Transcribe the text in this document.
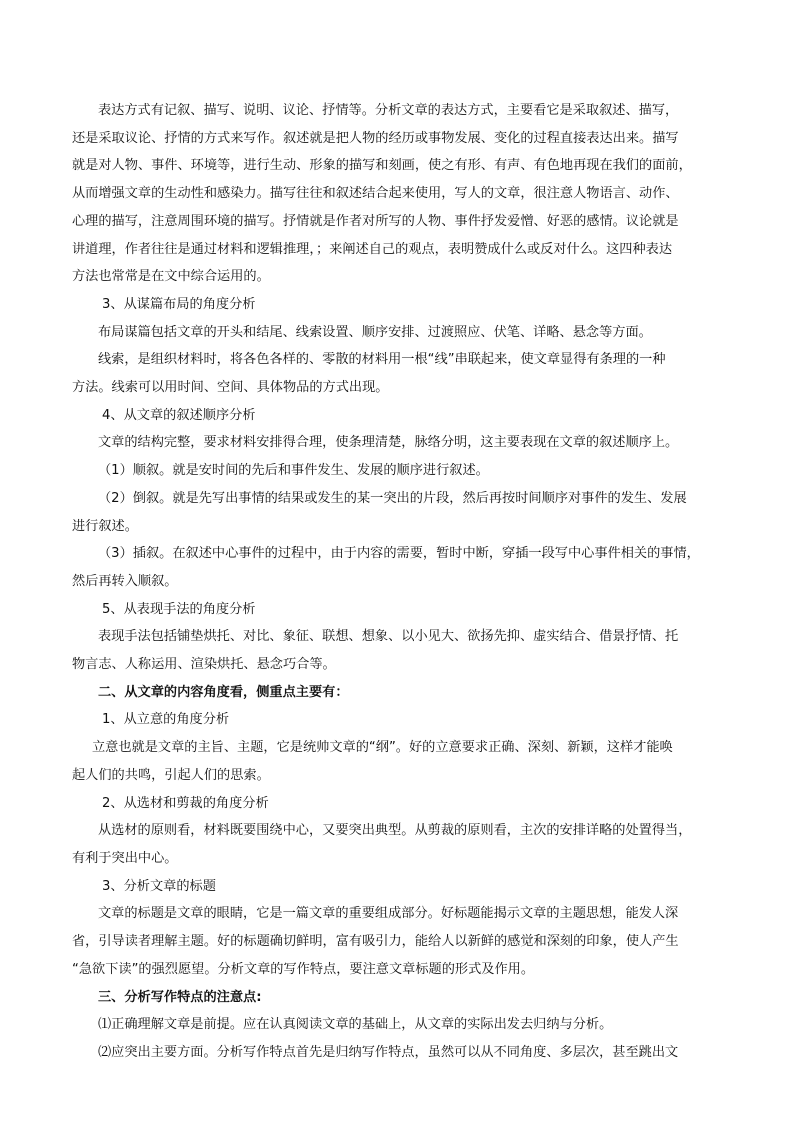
表达方式有记叙、描写、说明、议论、抒情等。分析文章的表达方式，主要看它是采取叙述、描写，

还是采取议论、抒情的方式来写作。叙述就是把人物的经历或事物发展、变化的过程直接表达出来。描写

就是对人物、事件、环境等，进行生动、形象的描写和刻画，使之有形、有声、有色地再现在我们的面前，

从而增强文章的生动性和感染力。描写往往和叙述结合起来使用，写人的文章，很注意人物语言、动作、

心理的描写，注意周围环境的描写。抒情就是作者对所写的人物、事件抒发爱憎、好恶的感情。议论就是

讲道理，作者往往是通过材料和逻辑推理，；来阐述自己的观点，表明赞成什么或反对什么。这四种表达

方法也常常是在文中综合运用的。

3、从谋篇布局的角度分析

布局谋篇包括文章的开头和结尾、线索设置、顺序安排、过渡照应、伏笔、详略、悬念等方面。

线索，是组织材料时，将各色各样的、零散的材料用一根“线”串联起来，使文章显得有条理的一种

方法。线索可以用时间、空间、具体物品的方式出现。

4、从文章的叙述顺序分析

文章的结构完整，要求材料安排得合理，使条理清楚，脉络分明，这主要表现在文章的叙述顺序上。

（1）顺叙。就是安时间的先后和事件发生、发展的顺序进行叙述。

（2）倒叙。就是先写出事情的结果或发生的某一突出的片段，然后再按时间顺序对事件的发生、发展

进行叙述。

（3）插叙。在叙述中心事件的过程中，由于内容的需要，暂时中断，穿插一段写中心事件相关的事情，

然后再转入顺叙。

5、从表现手法的角度分析

表现手法包括铺垫烘托、对比、象征、联想、想象、以小见大、欲扬先抑、虚实结合、借景抒情、托

物言志、人称运用、渲染烘托、悬念巧合等。

二、从文章的内容角度看，侧重点主要有：

1、从立意的角度分析

立意也就是文章的主旨、主题，它是统帅文章的“纲”。好的立意要求正确、深刻、新颖，这样才能唤

起人们的共鸣，引起人们的思索。

2、从选材和剪裁的角度分析

从选材的原则看，材料既要围绕中心，又要突出典型。从剪裁的原则看，主次的安排详略的处置得当，

有利于突出中心。

3、分析文章的标题

文章的标题是文章的眼睛，它是一篇文章的重要组成部分。好标题能揭示文章的主题思想，能发人深

省，引导读者理解主题。好的标题确切鲜明，富有吸引力，能给人以新鲜的感觉和深刻的印象，使人产生

“急欲下读”的强烈愿望。分析文章的写作特点，要注意文章标题的形式及作用。

三、分析写作特点的注意点:

⑴正确理解文章是前提。应在认真阅读文章的基础上，从文章的实际出发去归纳与分析。

⑵应突出主要方面。分析写作特点首先是归纳写作特点，虽然可以从不同角度、多层次，甚至跳出文
